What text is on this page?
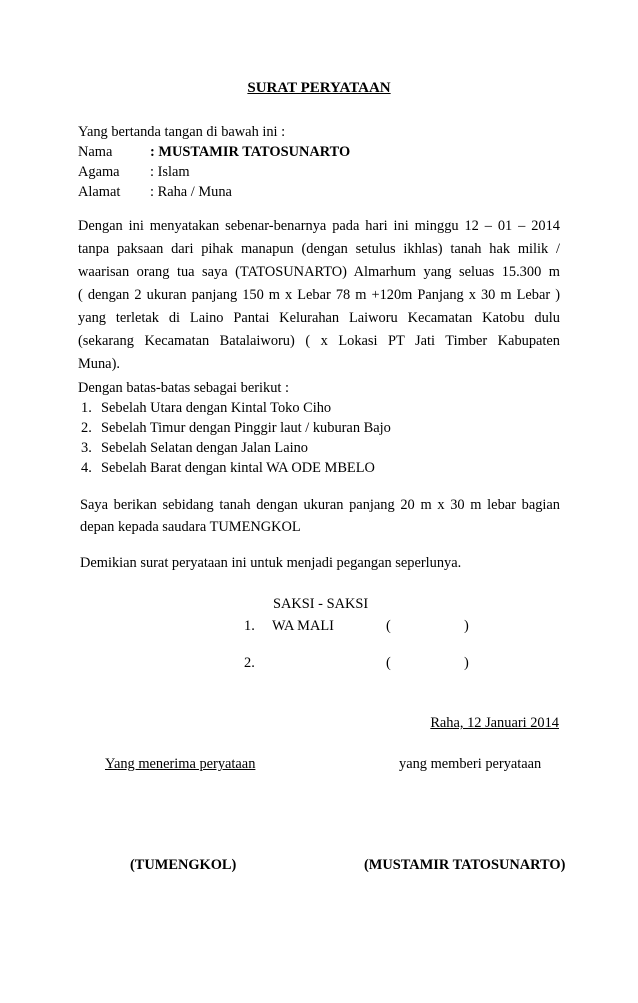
SURAT PERYATAAN
Yang bertanda tangan di bawah ini :
Nama	: MUSTAMIR TATOSUNARTO
Agama : Islam
Alamat : Raha / Muna
Dengan ini menyatakan sebenar-benarnya pada hari ini minggu 12 – 01 – 2014
tanpa paksaan dari pihak manapun (dengan setulus ikhlas) tanah hak milik /
waarisan orang tua saya (TATOSUNARTO) Almarhum yang seluas 15.300 m
( dengan 2 ukuran panjang 150 m x Lebar 78 m +120m Panjang x 30 m Lebar )
yang terletak di Laino Pantai Kelurahan Laiworu Kecamatan Katobu dulu
(sekarang Kecamatan Batalaiworu) ( x Lokasi PT Jati Timber Kabupaten
Muna).
Dengan batas-batas sebagai berikut :
1. Sebelah Utara dengan Kintal Toko Ciho
2. Sebelah Timur dengan Pinggir laut / kuburan Bajo
3. Sebelah Selatan dengan Jalan Laino
4. Sebelah Barat dengan kintal WA ODE MBELO
Saya berikan sebidang tanah dengan ukuran panjang 20 m x 30 m lebar bagian
depan kepada saudara TUMENGKOL
Demikian surat peryataan ini untuk menjadi pegangan seperlunya.
SAKSI - SAKSI
1. WA MALI	(	)
2.	(	)
Raha, 12 Januari 2014
Yang menerima peryataan	yang memberi peryataan
(TUMENGKOL)	(MUSTAMIR TATOSUNARTO)
